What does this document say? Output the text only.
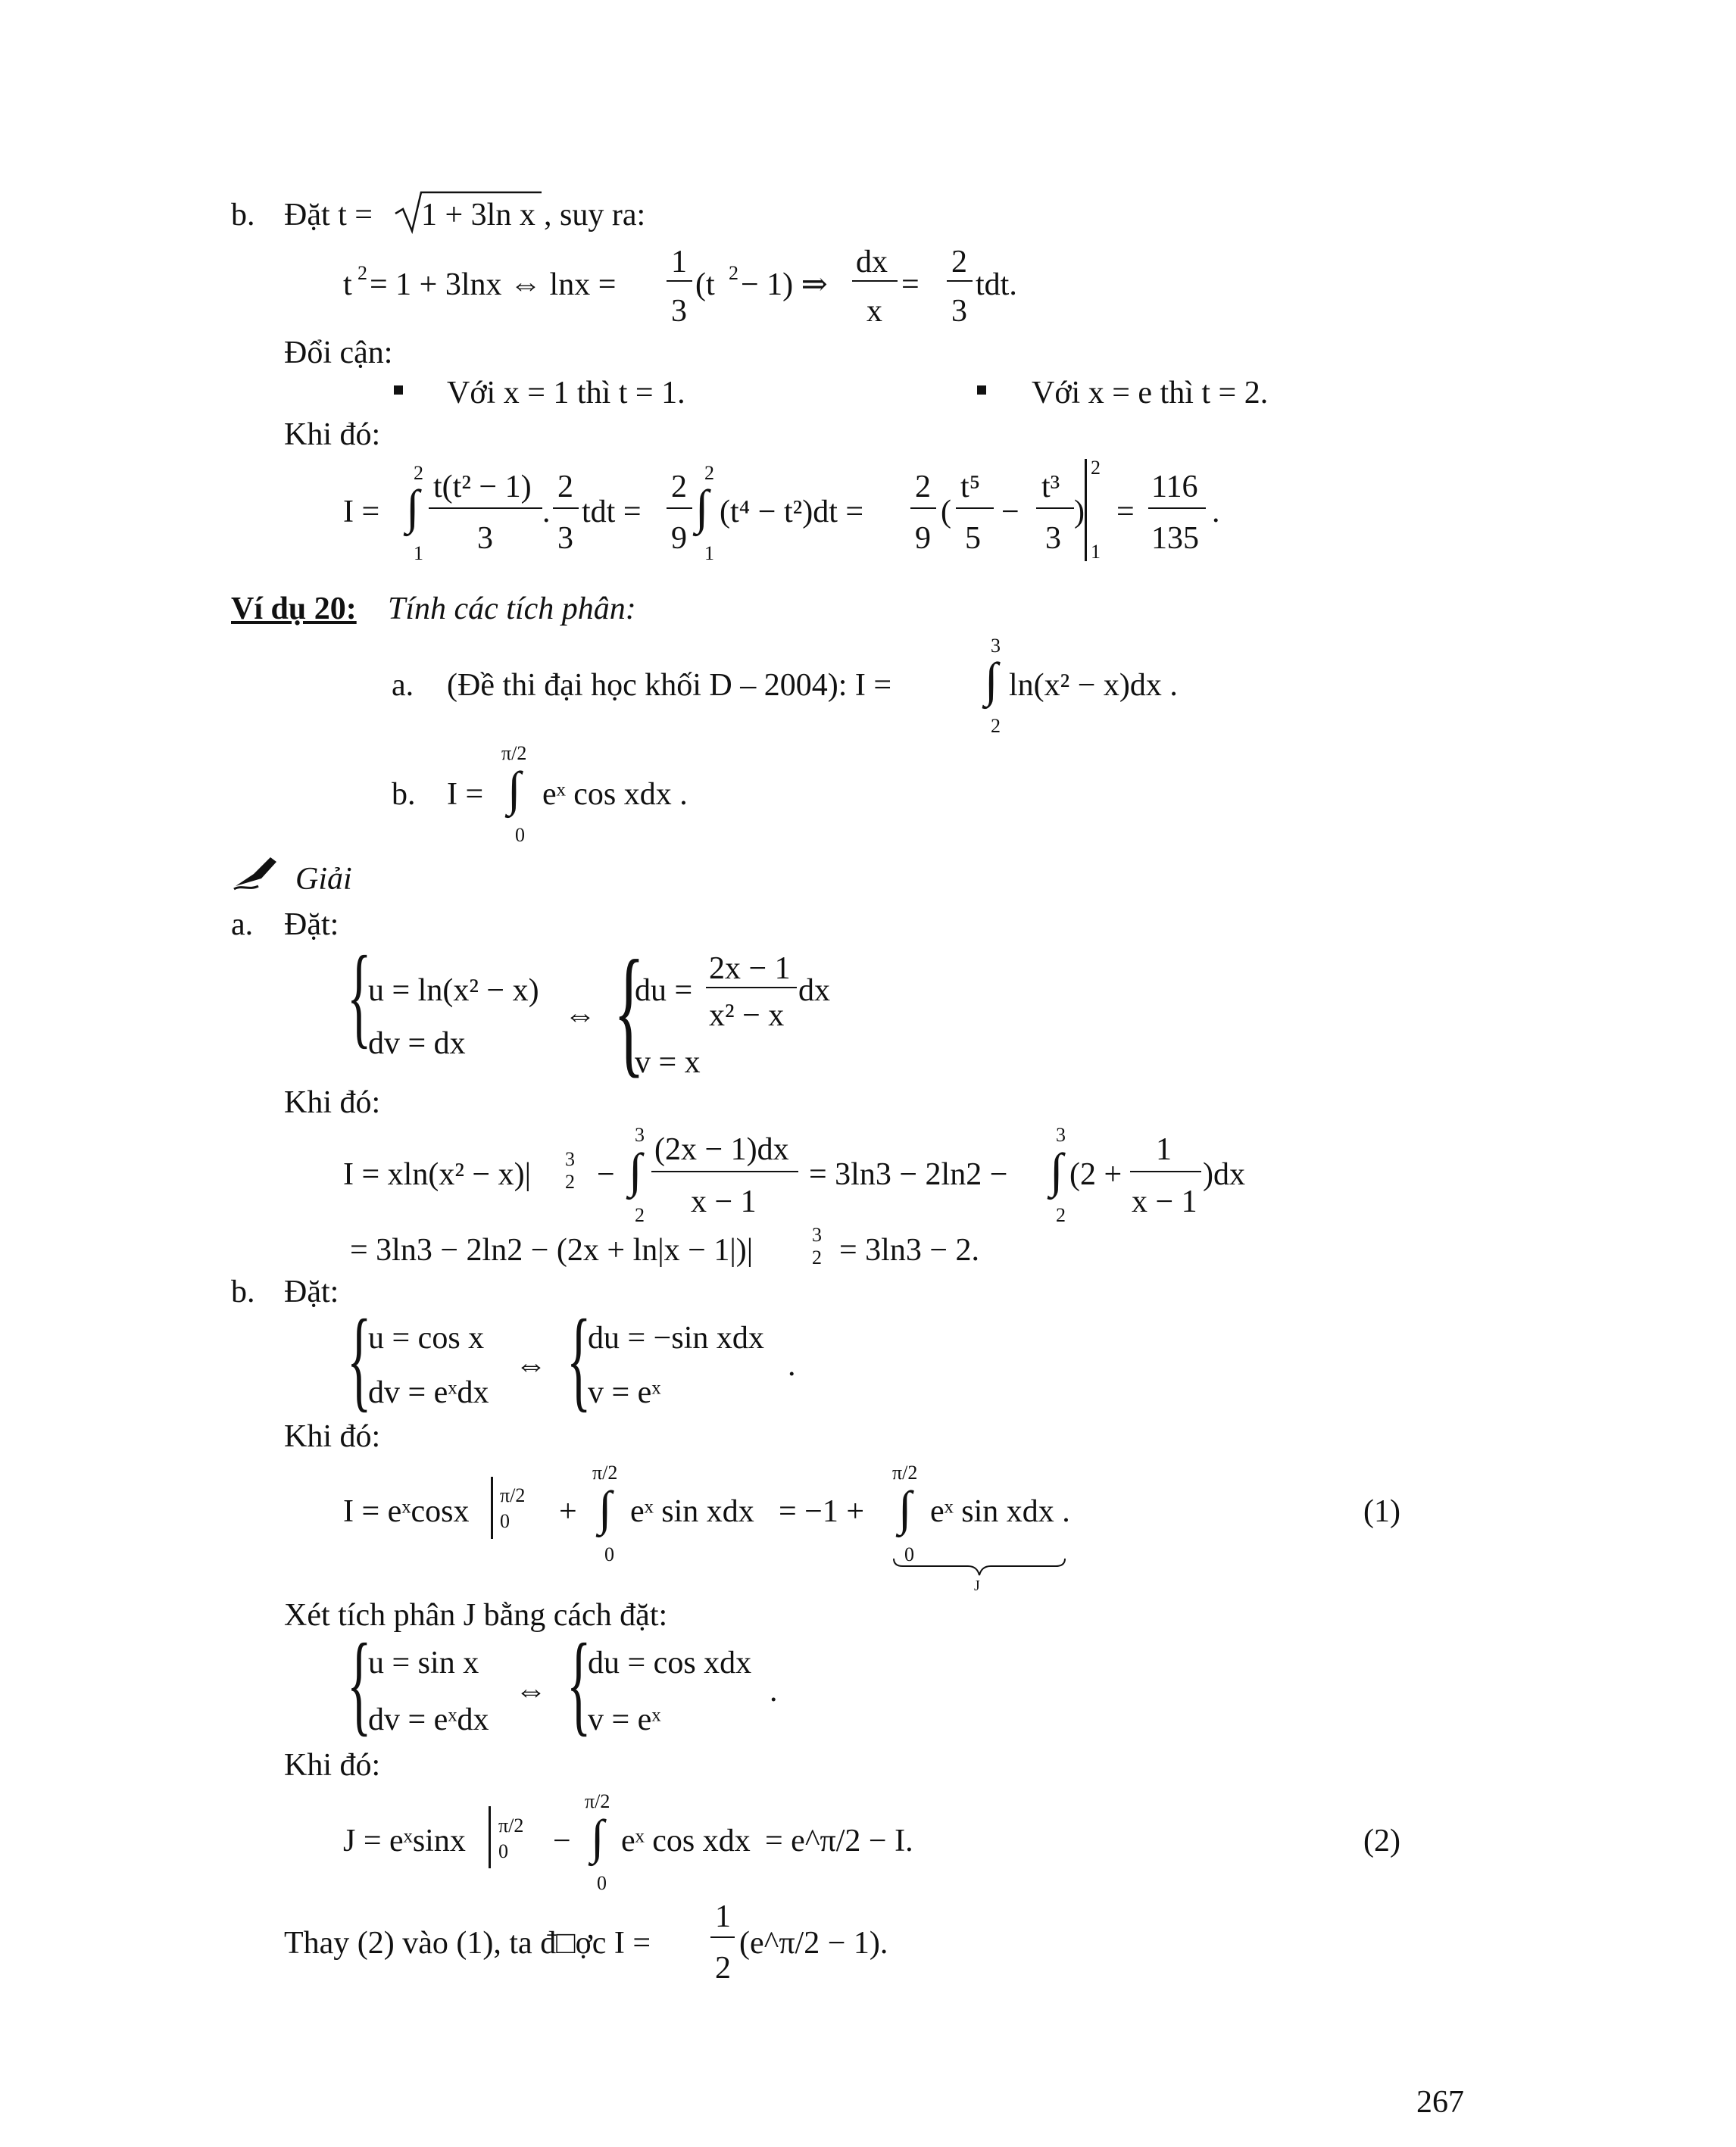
b. Đặt t = 1 + 3ln x , suy ra:
t 2 = 1 + 3lnx ⇔ lnx =
1
3
(t 2 − 1) ⇒
dx
x
=
2
3
tdt.
Đổi cận:
Với x = 1 thì t = 1.	Với x = e thì t = 2.
Khi đó:
I = ∫
2
1
t(t² − 1)
3
.
2
3
tdt =
2
9
∫
2
1
(t⁴ − t²)dt =
2
9
(
t⁵
5
−
t³
3
)
2
1
=
116
135
.
Ví dụ 20: Tính các tích phân:
a. (Đề thi đại học khối D – 2004): I = ∫
3
2
ln(x² − x)dx .
b. I = ∫
π/2
0
eˣ cos xdx .
Giải
a. Đặt:
{
u = ln(x² − x)
dv = dx
⇔ {
du =
2x − 1
x² − x
dx
v = x
Khi đó:
I = xln(x² − x)| 3
2 − ∫
3
2
(2x − 1)dx
x − 1
= 3ln3 − 2ln2 − ∫
3
2
(2 +
1
x − 1
)dx
= 3ln3 − 2ln2 − (2x + ln|x − 1|)|	3
2 = 3ln3 − 2.
b. Đặt:
{
u = cos x
dv = eˣdx
⇔ {
du = −sin xdx
v = eˣ
.
Khi đó:
I = eˣcosx π/2
0 + ∫
π/2
0
eˣ sin xdx = −1 + ∫
π/2
0
eˣ sin xdx .
J
(1)
Xét tích phân J bằng cách đặt:
{
u = sin x
dv = eˣdx
⇔ {
du = cos xdx
v = eˣ
.
Khi đó:
J = eˣsinx π/2
0 − ∫
π/2
0
eˣ cos xdx = e^π/2 − I.	(2)
Thay (2) vào (1), ta đ□ợc I =
1
2
(e^π/2 − 1).
267
